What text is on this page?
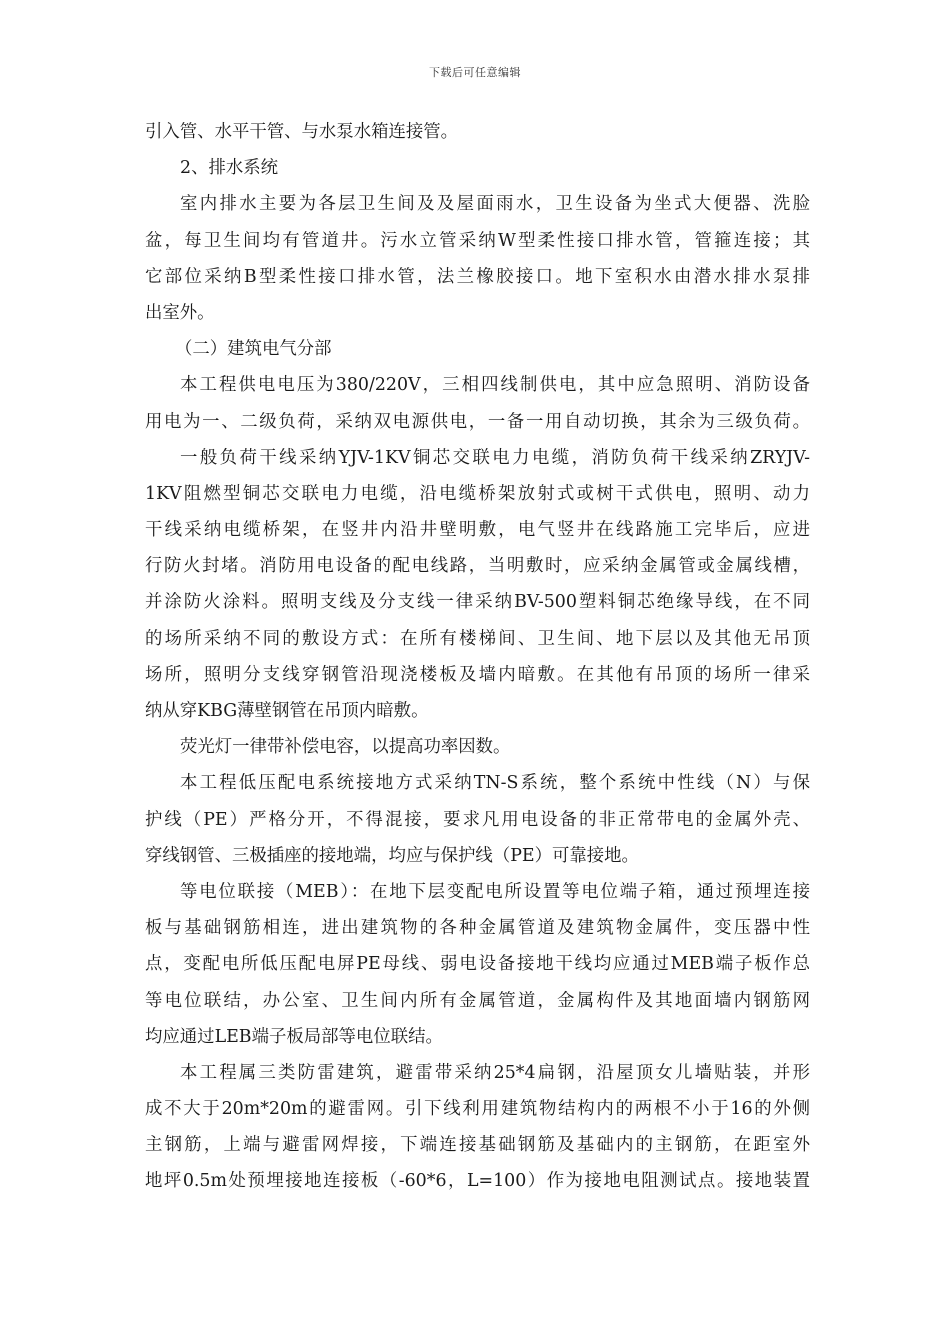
下载后可任意编辑
引入管、水平干管、与水泵水箱连接管。
2、排水系统
室内排水主要为各层卫生间及及屋面雨水，卫生设备为坐式大便器、洗脸
盆，每卫生间均有管道井。污水立管采纳W型柔性接口排水管，管箍连接；其
它部位采纳B型柔性接口排水管，法兰橡胶接口。地下室积水由潜水排水泵排
出室外。
（二）建筑电气分部
本工程供电电压为380/220V，三相四线制供电，其中应急照明、消防设备
用电为一、二级负荷，采纳双电源供电，一备一用自动切换，其余为三级负荷。
一般负荷干线采纳YJV-1KV铜芯交联电力电缆，消防负荷干线采纳ZRYJV-
1KV阻燃型铜芯交联电力电缆，沿电缆桥架放射式或树干式供电，照明、动力
干线采纳电缆桥架，在竖井内沿井壁明敷，电气竖井在线路施工完毕后，应进
行防火封堵。消防用电设备的配电线路，当明敷时，应采纳金属管或金属线槽，
并涂防火涂料。照明支线及分支线一律采纳BV-500塑料铜芯绝缘导线，在不同
的场所采纳不同的敷设方式：在所有楼梯间、卫生间、地下层以及其他无吊顶
场所，照明分支线穿钢管沿现浇楼板及墙内暗敷。在其他有吊顶的场所一律采
纳从穿KBG薄壁钢管在吊顶内暗敷。
荧光灯一律带补偿电容，以提高功率因数。
本工程低压配电系统接地方式采纳TN-S系统，整个系统中性线（N）与保
护线（PE）严格分开，不得混接，要求凡用电设备的非正常带电的金属外壳、
穿线钢管、三极插座的接地端，均应与保护线（PE）可靠接地。
等电位联接（MEB）：在地下层变配电所设置等电位端子箱，通过预埋连接
板与基础钢筋相连，进出建筑物的各种金属管道及建筑物金属件，变压器中性
点，变配电所低压配电屏PE母线、弱电设备接地干线均应通过MEB端子板作总
等电位联结，办公室、卫生间内所有金属管道，金属构件及其地面墙内钢筋网
均应通过LEB端子板局部等电位联结。
本工程属三类防雷建筑，避雷带采纳25*4扁钢，沿屋顶女儿墙贴装，并形
成不大于20m*20m的避雷网。引下线利用建筑物结构内的两根不小于16的外侧
主钢筋，上端与避雷网焊接，下端连接基础钢筋及基础内的主钢筋，在距室外
地坪0.5m处预埋接地连接板（-60*6，L=100）作为接地电阻测试点。接地装置
